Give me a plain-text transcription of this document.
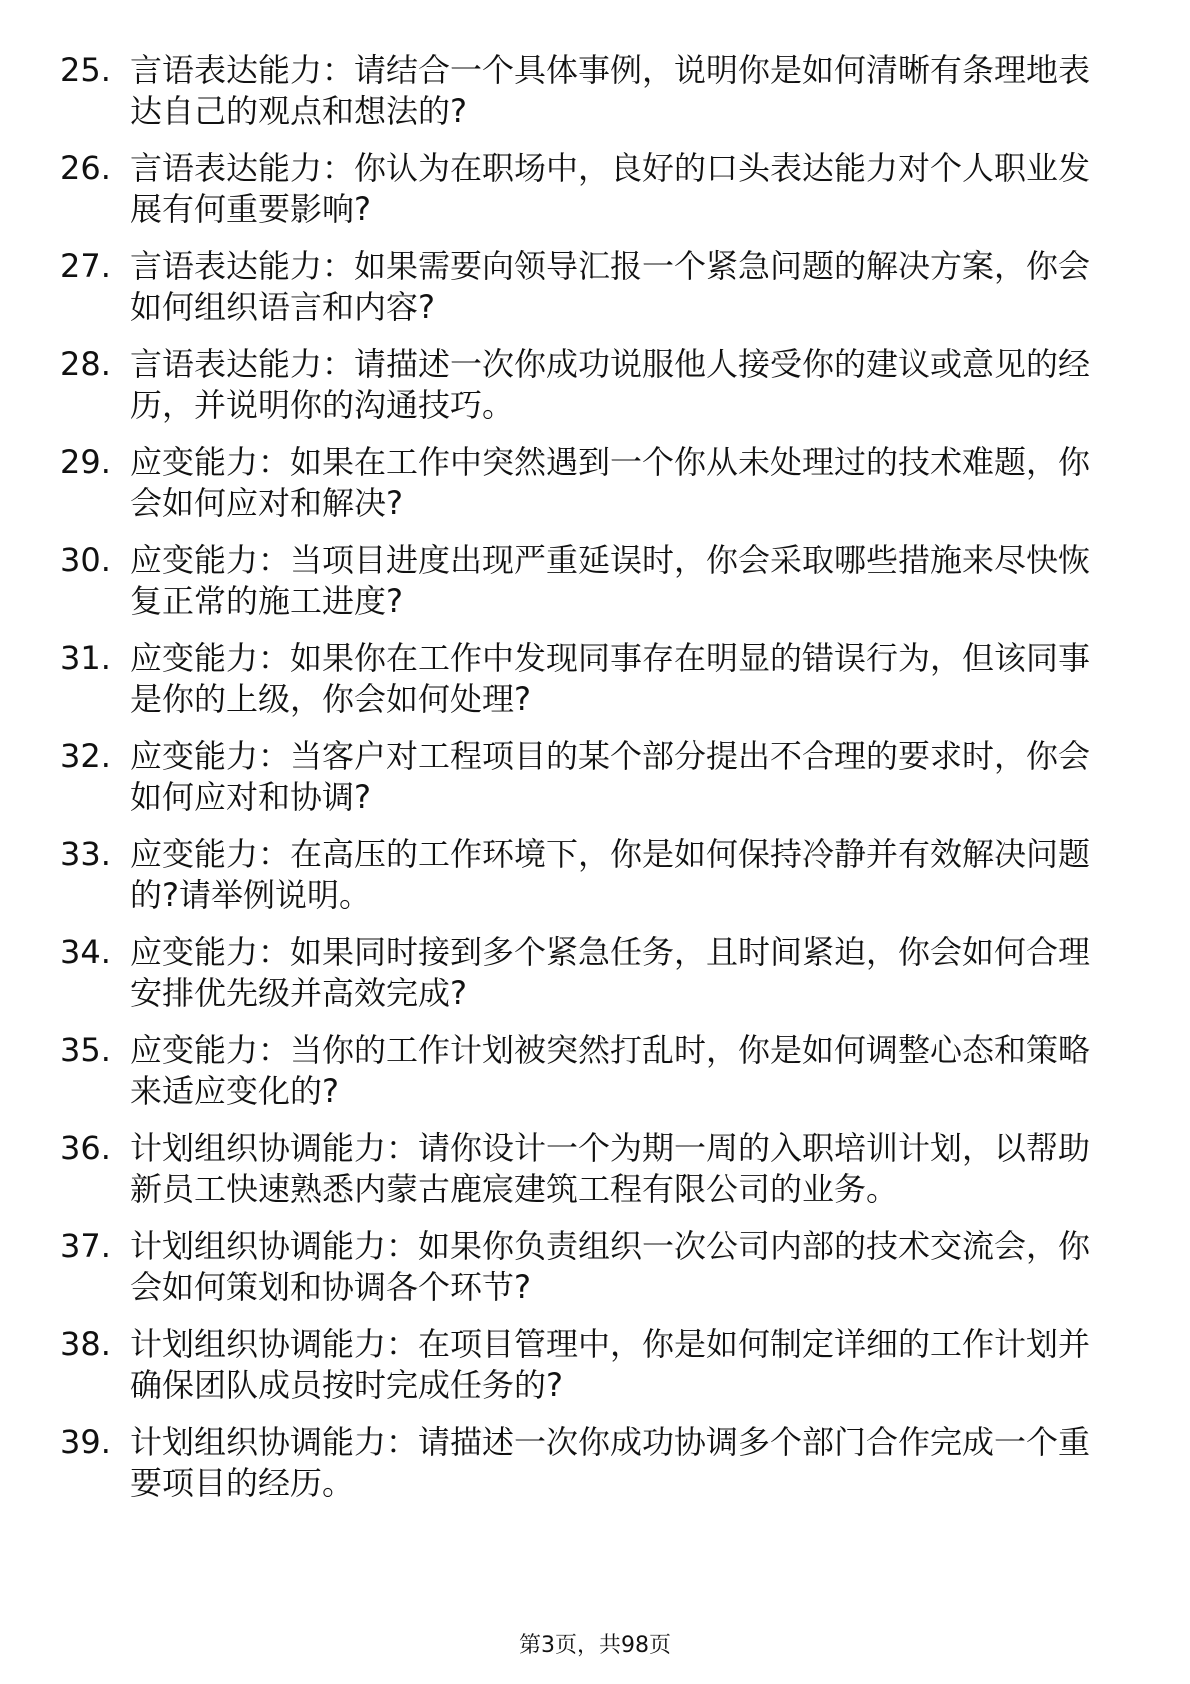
25. 言语表达能力：请结合一个具体事例，说明你是如何清晰有条理地表达自己的观点和想法的?
26. 言语表达能力：你认为在职场中，良好的口头表达能力对个人职业发展有何重要影响?
27. 言语表达能力：如果需要向领导汇报一个紧急问题的解决方案，你会如何组织语言和内容?
28. 言语表达能力：请描述一次你成功说服他人接受你的建议或意见的经历，并说明你的沟通技巧。
29. 应变能力：如果在工作中突然遇到一个你从未处理过的技术难题，你会如何应对和解决?
30. 应变能力：当项目进度出现严重延误时，你会采取哪些措施来尽快恢复正常的施工进度?
31. 应变能力：如果你在工作中发现同事存在明显的错误行为，但该同事是你的上级，你会如何处理?
32. 应变能力：当客户对工程项目的某个部分提出不合理的要求时，你会如何应对和协调?
33. 应变能力：在高压的工作环境下，你是如何保持冷静并有效解决问题的?请举例说明。
34. 应变能力：如果同时接到多个紧急任务，且时间紧迫，你会如何合理安排优先级并高效完成?
35. 应变能力：当你的工作计划被突然打乱时，你是如何调整心态和策略来适应变化的?
36. 计划组织协调能力：请你设计一个为期一周的入职培训计划，以帮助新员工快速熟悉内蒙古鹿宸建筑工程有限公司的业务。
37. 计划组织协调能力：如果你负责组织一次公司内部的技术交流会，你会如何策划和协调各个环节?
38. 计划组织协调能力：在项目管理中，你是如何制定详细的工作计划并确保团队成员按时完成任务的?
39. 计划组织协调能力：请描述一次你成功协调多个部门合作完成一个重要项目的经历。
第3页，共98页
